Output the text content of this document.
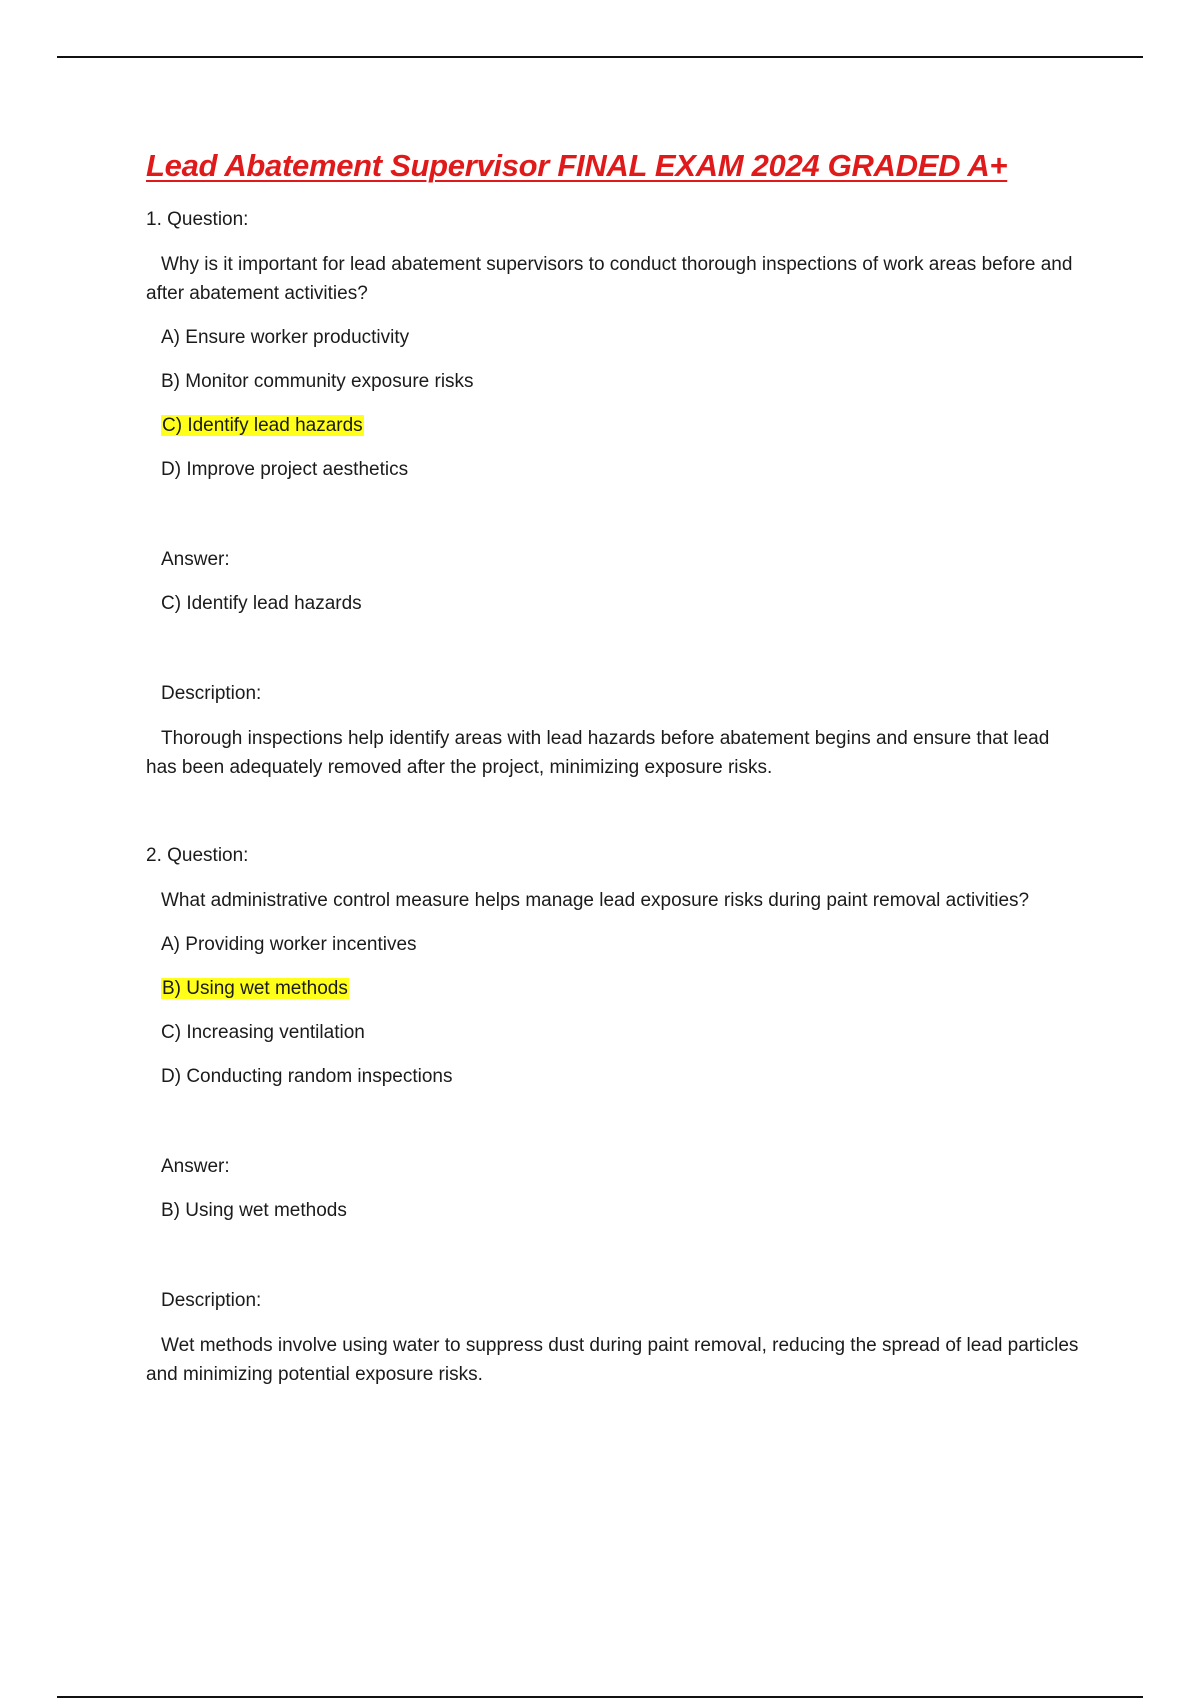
Lead Abatement Supervisor FINAL EXAM 2024 GRADED A+

1. Question:

Why is it important for lead abatement supervisors to conduct thorough inspections of work areas before and after abatement activities?

A) Ensure worker productivity

B) Monitor community exposure risks

C) Identify lead hazards

D) Improve project aesthetics

Answer:

C) Identify lead hazards

Description:

Thorough inspections help identify areas with lead hazards before abatement begins and ensure that lead has been adequately removed after the project, minimizing exposure risks.

2. Question:

What administrative control measure helps manage lead exposure risks during paint removal activities?

A) Providing worker incentives

B) Using wet methods

C) Increasing ventilation

D) Conducting random inspections

Answer:

B) Using wet methods

Description:

Wet methods involve using water to suppress dust during paint removal, reducing the spread of lead particles and minimizing potential exposure risks.
